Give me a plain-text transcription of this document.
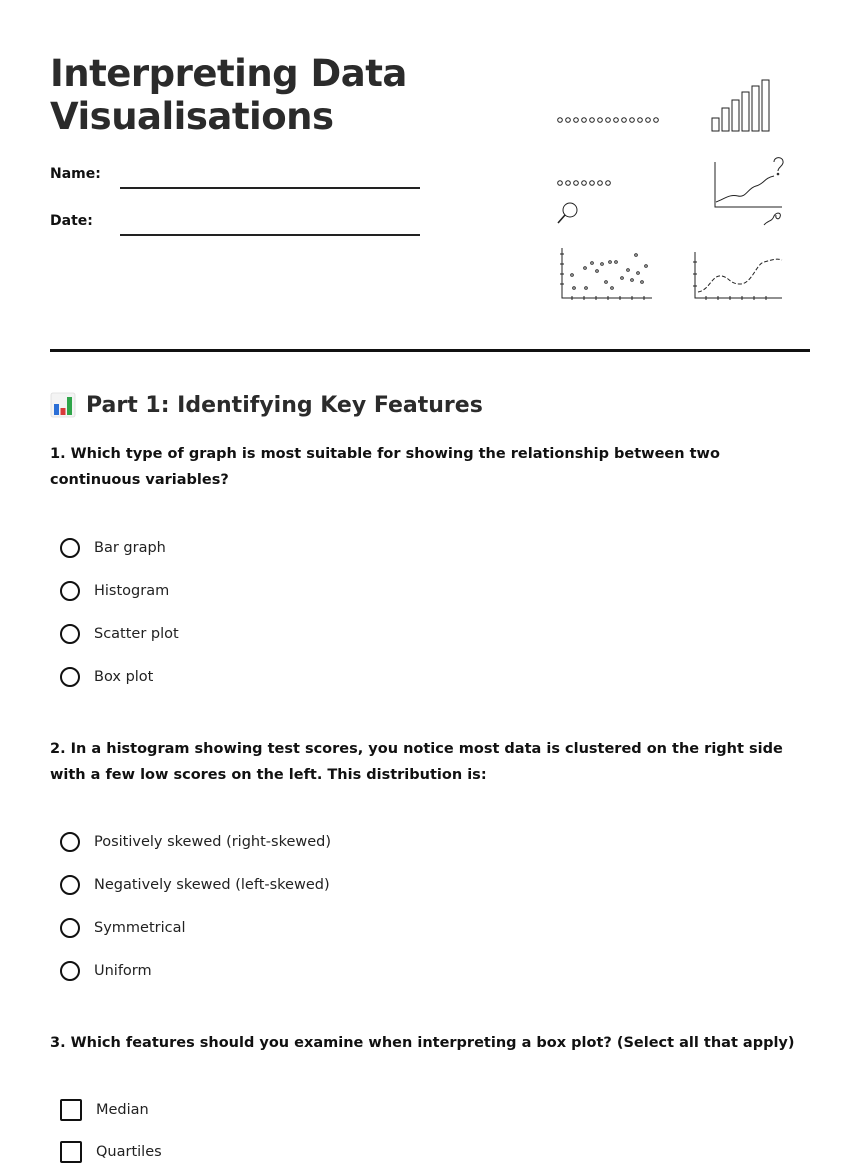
Interpreting Data
Visualisations
Name:
Date:
Part 1: Identifying Key Features
1. Which type of graph is most suitable for showing the relationship between two continuous variables?
Bar graph
Histogram
Scatter plot
Box plot
2. In a histogram showing test scores, you notice most data is clustered on the right side with a few low scores on the left. This distribution is:
Positively skewed (right-skewed)
Negatively skewed (left-skewed)
Symmetrical
Uniform
3. Which features should you examine when interpreting a box plot? (Select all that apply)
Median
Quartiles
